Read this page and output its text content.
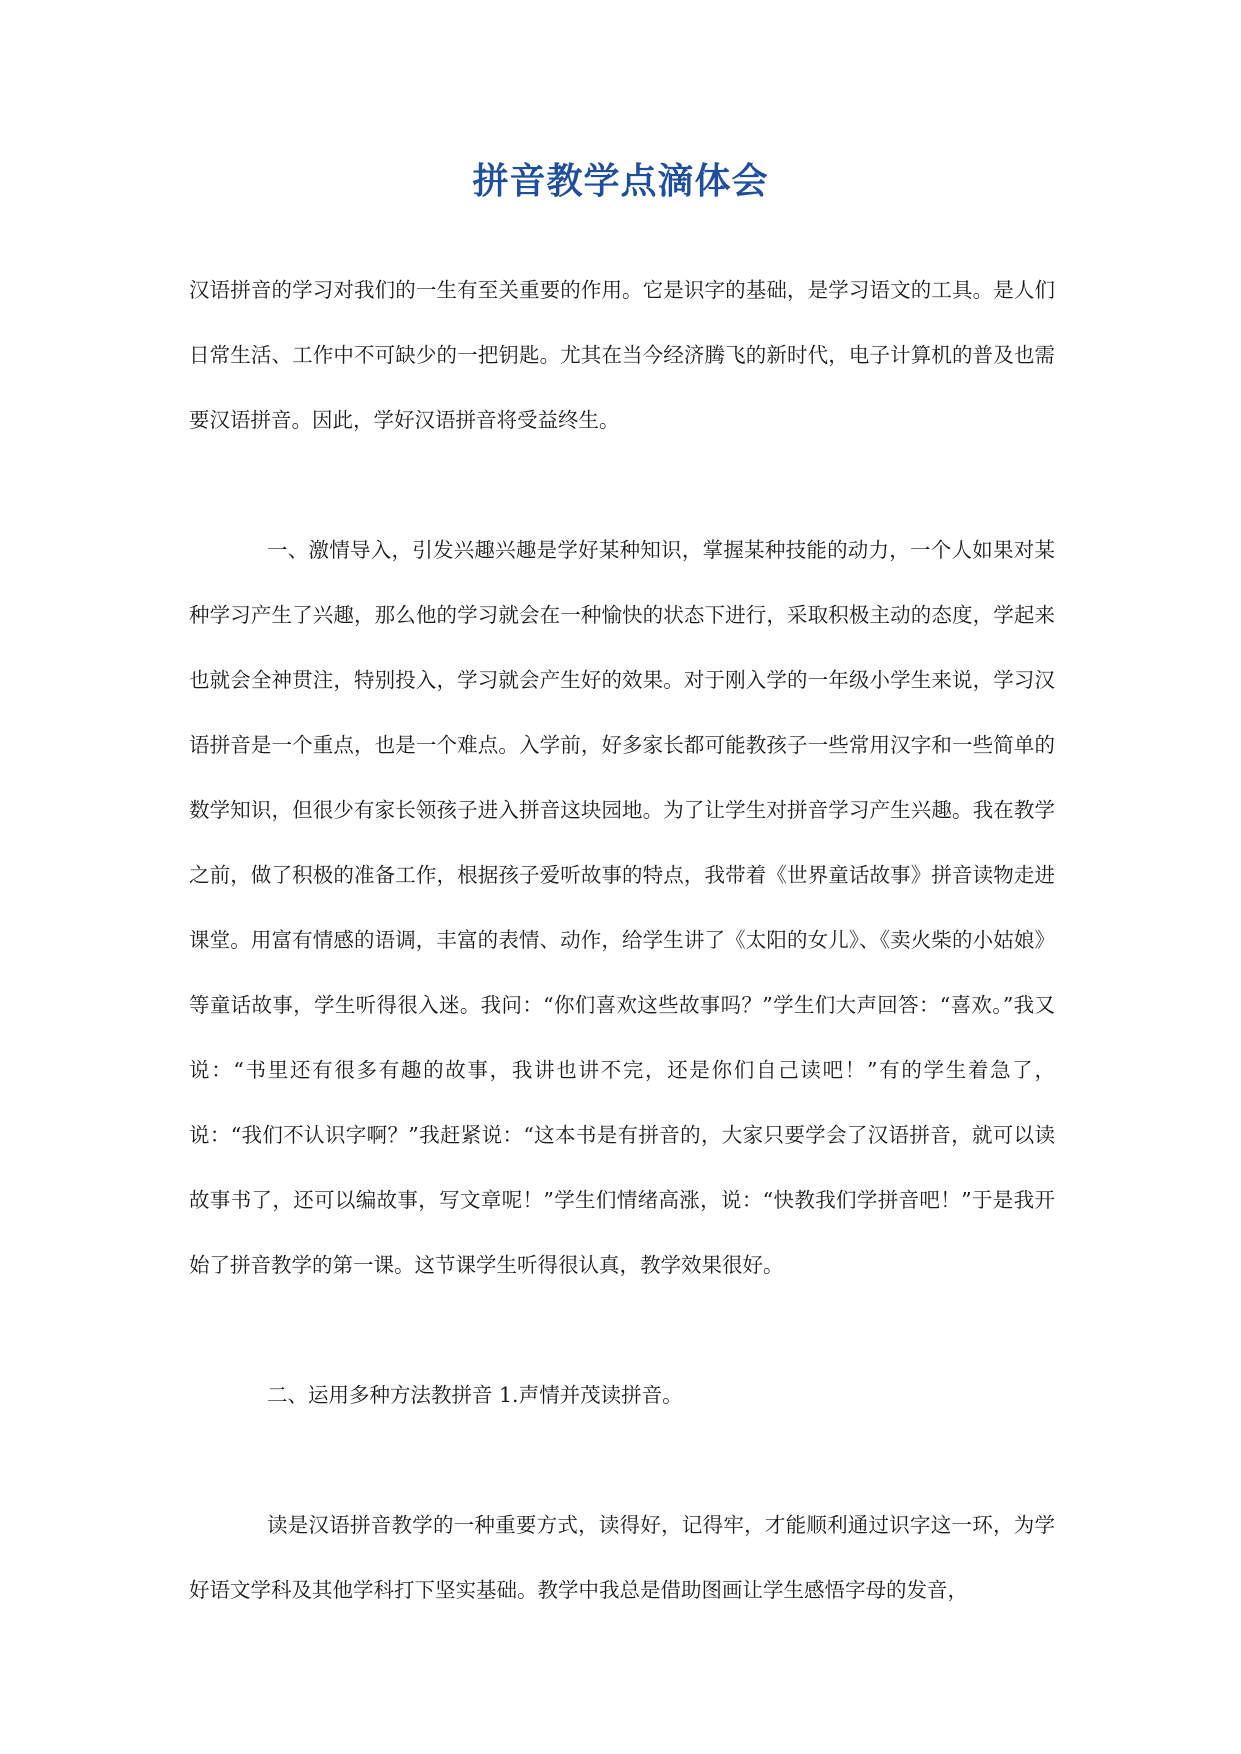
拼音教学点滴体会

汉语拼音的学习对我们的一生有至关重要的作用。它是识字的基础，是学习语文的工具。是人们日常生活、工作中不可缺少的一把钥匙。尤其在当今经济腾飞的新时代，电子计算机的普及也需要汉语拼音。因此，学好汉语拼音将受益终生。

一、激情导入，引发兴趣兴趣是学好某种知识，掌握某种技能的动力，一个人如果对某种学习产生了兴趣，那么他的学习就会在一种愉快的状态下进行，采取积极主动的态度，学起来也就会全神贯注，特别投入，学习就会产生好的效果。对于刚入学的一年级小学生来说，学习汉语拼音是一个重点，也是一个难点。入学前，好多家长都可能教孩子一些常用汉字和一些简单的数学知识，但很少有家长领孩子进入拼音这块园地。为了让学生对拼音学习产生兴趣。我在教学之前，做了积极的准备工作，根据孩子爱听故事的特点，我带着《世界童话故事》拼音读物走进课堂。用富有情感的语调，丰富的表情、动作，给学生讲了《太阳的女儿》、《卖火柴的小姑娘》等童话故事，学生听得很入迷。我问：“你们喜欢这些故事吗？”学生们大声回答：“喜欢。”我又说：“书里还有很多有趣的故事，我讲也讲不完，还是你们自己读吧！”有的学生着急了，说：“我们不认识字啊？”我赶紧说：“这本书是有拼音的，大家只要学会了汉语拼音，就可以读故事书了，还可以编故事，写文章呢！”学生们情绪高涨，说：“快教我们学拼音吧！”于是我开始了拼音教学的第一课。这节课学生听得很认真，教学效果很好。

二、运用多种方法教拼音 1.声情并茂读拼音。

读是汉语拼音教学的一种重要方式，读得好，记得牢，才能顺利通过识字这一环，为学好语文学科及其他学科打下坚实基础。教学中我总是借助图画让学生感悟字母的发音，
